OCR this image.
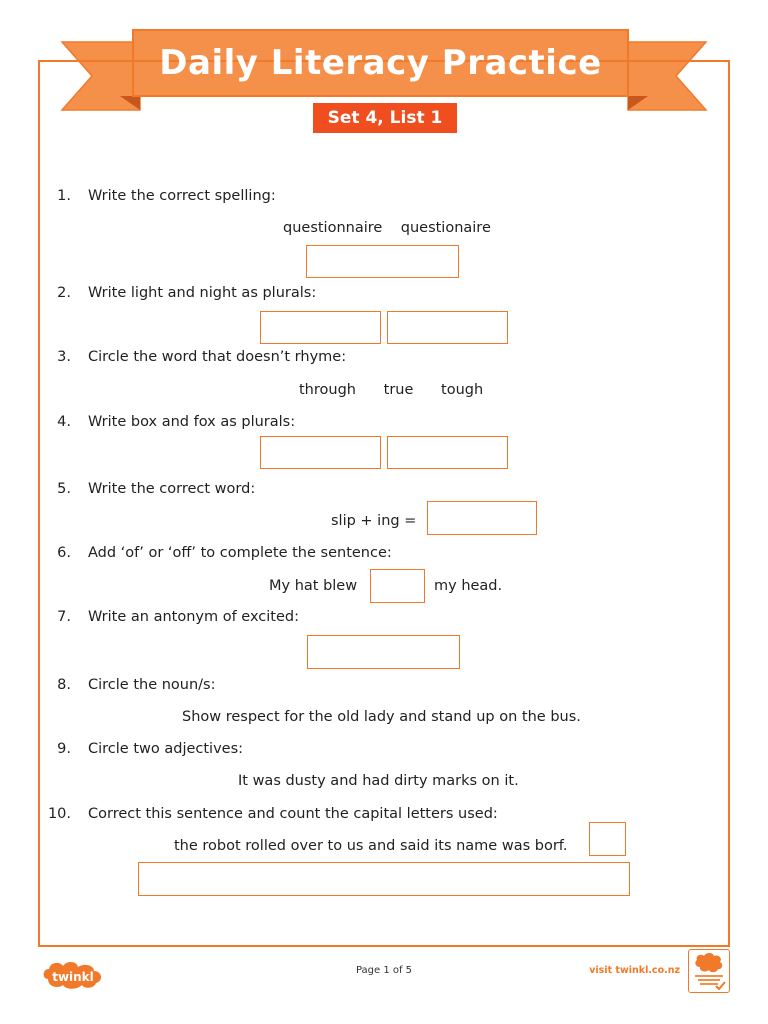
Daily Literacy Practice
Set 4, List 1
1. Write the correct spelling:
questionnaire    questionaire
2. Write light and night as plurals:
3. Circle the word that doesn’t rhyme:
through      true      tough
4. Write box and fox as plurals:
5. Write the correct word:
slip + ing =
6. Add ‘of’ or ‘off’ to complete the sentence:
My hat blew	my head.
7. Write an antonym of excited:
8. Circle the noun/s:
Show respect for the old lady and stand up on the bus.
9. Circle two adjectives:
It was dusty and had dirty marks on it.
10. Correct this sentence and count the capital letters used:
the robot rolled over to us and said its name was borf.
twinkl	Page 1 of 5	visit twinkl.co.nz
